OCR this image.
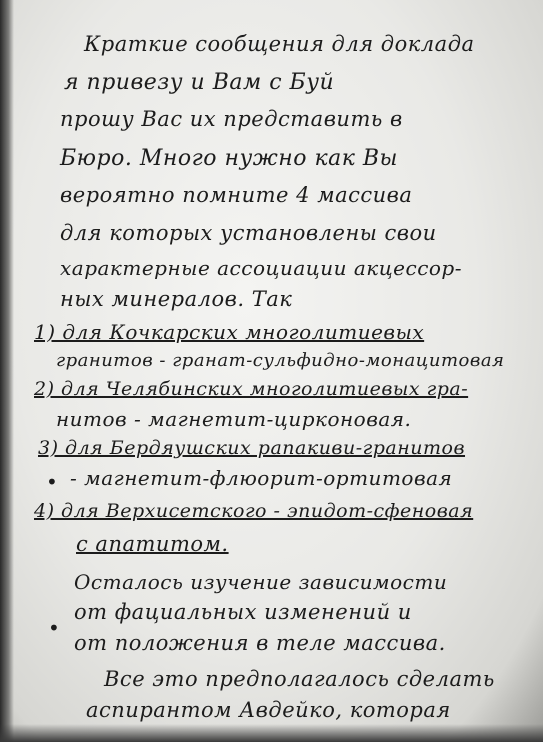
Краткие сообщения для доклада
я привезу и Вам с Буй
прошу Вас их представить в
Бюро. Много нужно как Вы
вероятно помните 4 массива
для которых установлены свои
характерные ассоциации акцессор-
ных минералов. Так
1) для Кочкарских многолитиевых
гранитов - гранат-сульфидно-монацитовая
2) для Челябинских многолитиевых гра-
нитов - магнетит-цирконовая.
3) для Бердяушских рапакиви-гранитов
• - магнетит-флюорит-ортитовая
4) для Верхисетского - эпидот-сфеновая
с апатитом.
Осталось изучение зависимости
от фациальных изменений и
•
от положения в теле массива.
Все это предполагалось сделать
аспирантом Авдейко, которая
